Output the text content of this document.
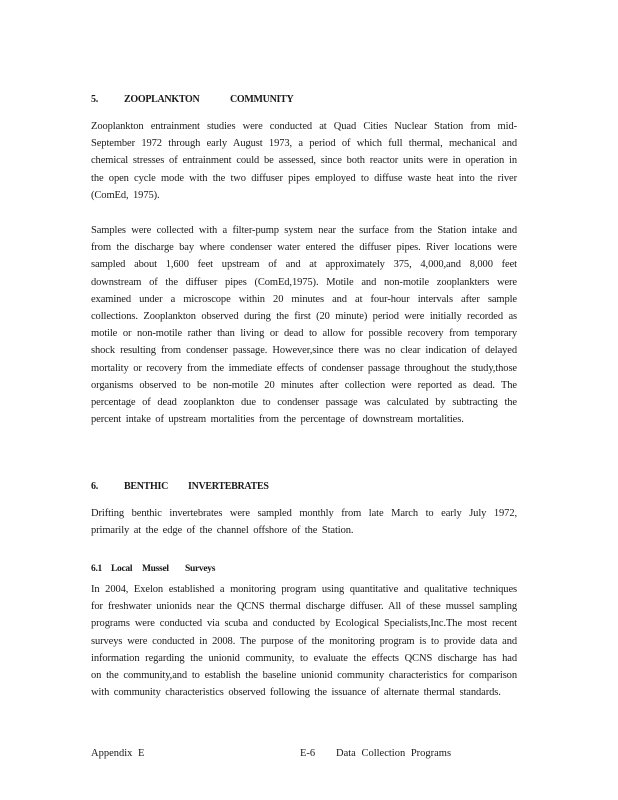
5.	ZOOPLANKTON	COMMUNITY
Zooplankton entrainment studies were conducted at Quad Cities Nuclear Station from mid-September 1972 through early August 1973, a period of which full thermal, mechanical and chemical stresses of entrainment could be assessed, since both reactor units were in operation in the open cycle mode with the two diffuser pipes employed to diffuse waste heat into the river (ComEd, 1975).
Samples were collected with a filter-pump system near the surface from the Station intake and from the discharge bay where condenser water entered the diffuser pipes. River locations were sampled about 1,600 feet upstream of and at approximately 375, 4,000,and 8,000 feet downstream of the diffuser pipes (ComEd,1975). Motile and non-motile zooplankters were examined under a microscope within 20 minutes and at four-hour intervals after sample collections. Zooplankton observed during the first (20 minute) period were initially recorded as motile or non-motile rather than living or dead to allow for possible recovery from temporary shock resulting from condenser passage. However,since there was no clear indication of delayed mortality or recovery from the immediate effects of condenser passage throughout the study,those organisms observed to be non-motile 20 minutes after collection were reported as dead. The percentage of dead zooplankton due to condenser passage was calculated by subtracting the percent intake of upstream mortalities from the percentage of downstream mortalities.
6.	BENTHIC	INVERTEBRATES
Drifting benthic invertebrates were sampled monthly from late March to early July 1972, primarily at the edge of the channel offshore of the Station.
6.1 Local	Mussel	Surveys
In 2004, Exelon established a monitoring program using quantitative and qualitative techniques for freshwater unionids near the QCNS thermal discharge diffuser. All of these mussel sampling programs were conducted via scuba and conducted by Ecological Specialists,Inc.The most recent surveys were conducted in 2008. The purpose of the monitoring program is to provide data and information regarding the unionid community, to evaluate the effects QCNS discharge has had on the community,and to establish the baseline unionid community characteristics for comparison with community characteristics observed following the issuance of alternate thermal standards.
Appendix E	E-6 Data Collection Programs
